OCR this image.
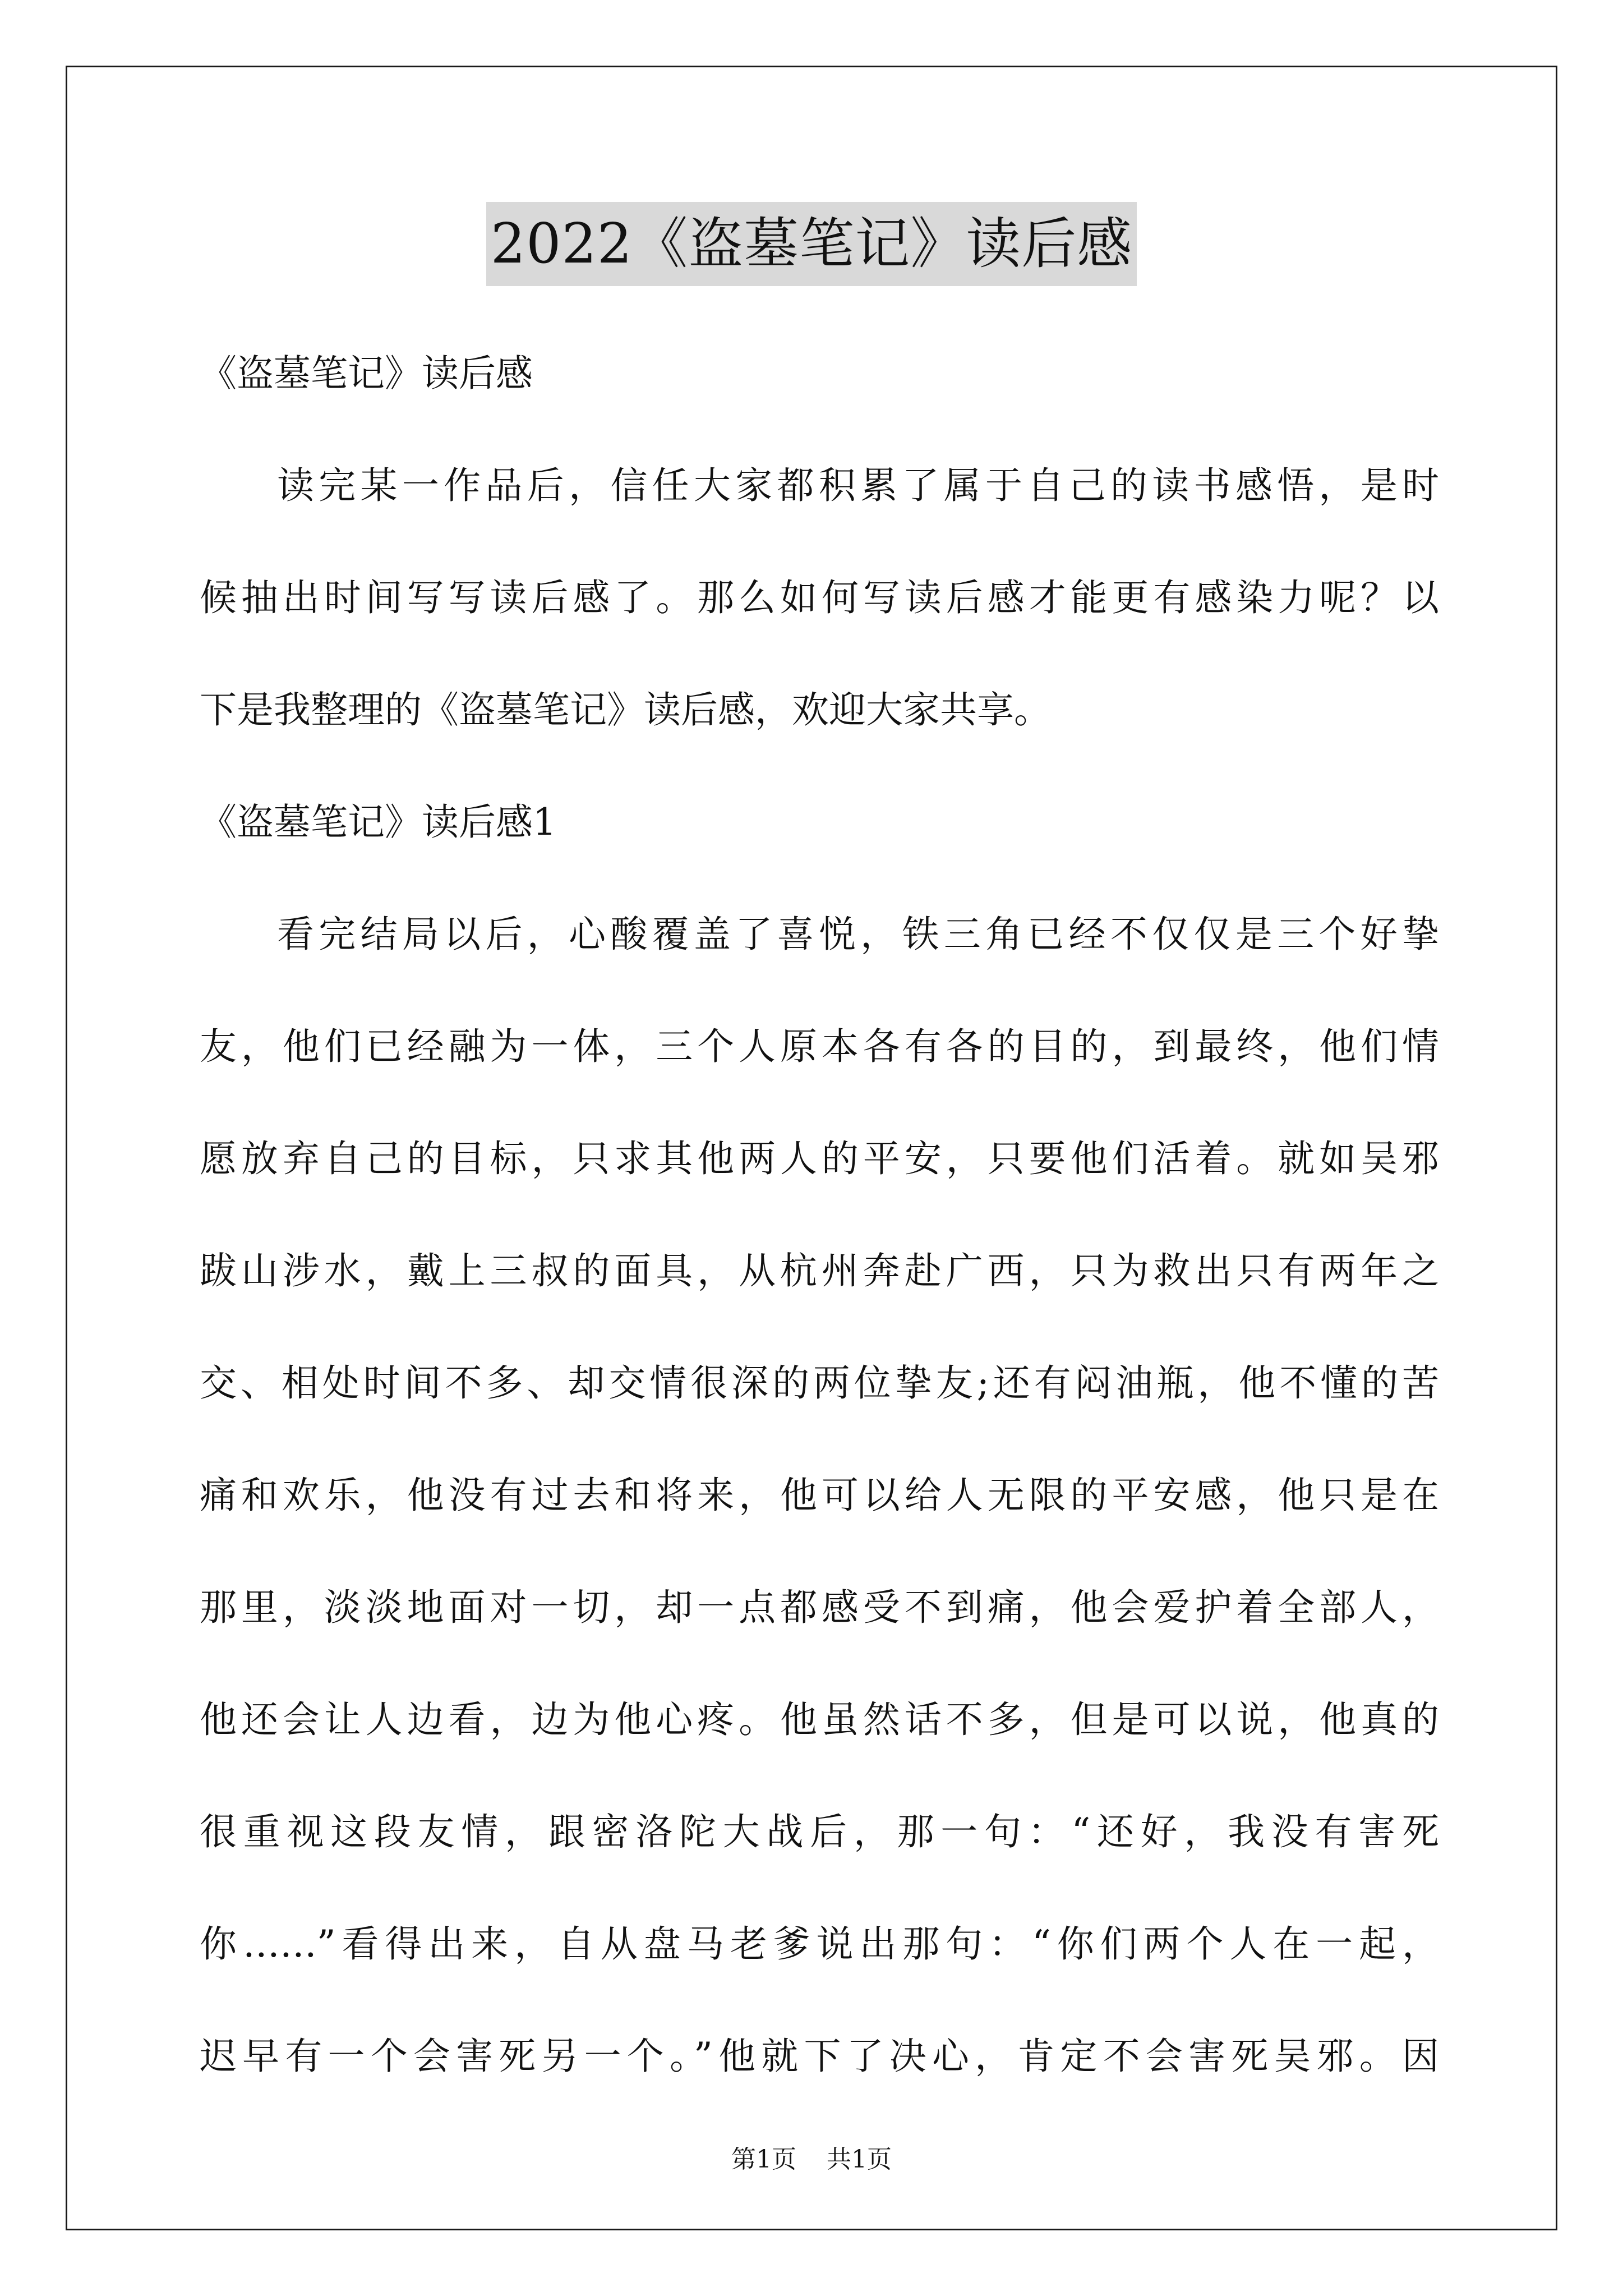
2022《盗墓笔记》读后感

《盗墓笔记》读后感

读完某一作品后，信任大家都积累了属于自己的读书感悟，是时

候抽出时间写写读后感了。那么如何写读后感才能更有感染力呢？以

下是我整理的《盗墓笔记》读后感，欢迎大家共享。

《盗墓笔记》读后感1

看完结局以后，心酸覆盖了喜悦，铁三角已经不仅仅是三个好挚

友，他们已经融为一体，三个人原本各有各的目的，到最终，他们情

愿放弃自己的目标，只求其他两人的平安，只要他们活着。就如吴邪

跋山涉水，戴上三叔的面具，从杭州奔赴广西，只为救出只有两年之

交、相处时间不多、却交情很深的两位挚友;还有闷油瓶，他不懂的苦

痛和欢乐，他没有过去和将来，他可以给人无限的平安感，他只是在

那里，淡淡地面对一切，却一点都感受不到痛，他会爱护着全部人，

他还会让人边看，边为他心疼。他虽然话不多，但是可以说，他真的

很重视这段友情，跟密洛陀大战后，那一句：“还好，我没有害死

你……”看得出来，自从盘马老爹说出那句：“你们两个人在一起，

迟早有一个会害死另一个。”他就下了决心，肯定不会害死吴邪。因

第1页 共1页
